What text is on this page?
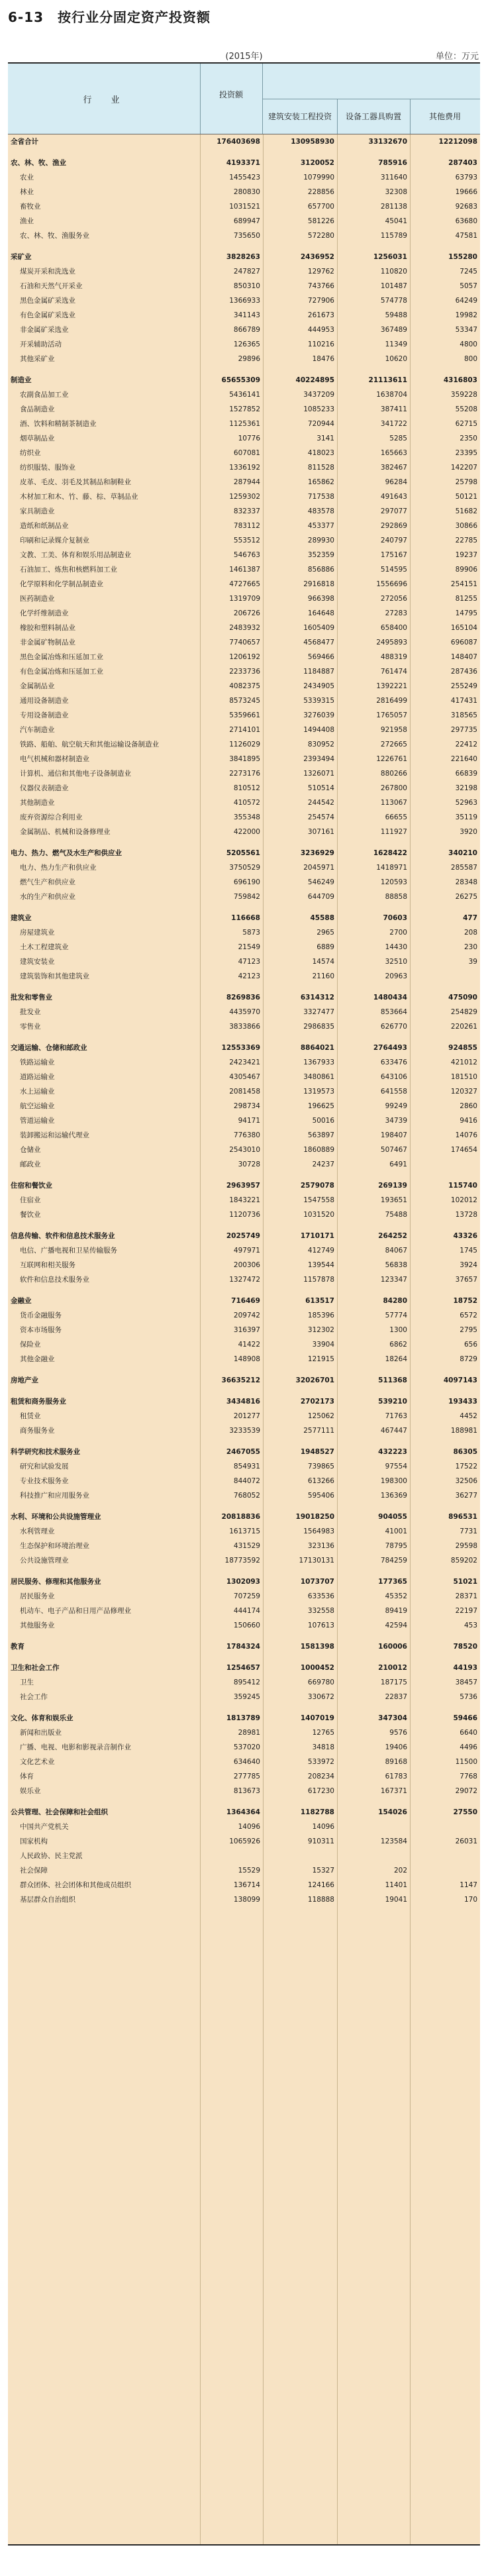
6-13　按行业分固定资产投资额
(2015年)	单位：万元
行　业
投资额
建筑安装工程投资	设备工器具购置	其他费用
全省合计	176403698	130958930	33132670	12212098
农、林、牧、渔业	4193371	3120052	785916	287403
农业	1455423	1079990	311640	63793
林业	280830	228856	32308	19666
畜牧业	1031521	657700	281138	92683
渔业	689947	581226	45041	63680
农、林、牧、渔服务业	735650	572280	115789	47581
采矿业	3828263	2436952	1256031	155280
煤炭开采和洗选业	247827	129762	110820	7245
石油和天然气开采业	850310	743766	101487	5057
黑色金属矿采选业	1366933	727906	574778	64249
有色金属矿采选业	341143	261673	59488	19982
非金属矿采选业	866789	444953	367489	53347
开采辅助活动	126365	110216	11349	4800
其他采矿业	29896	18476	10620	800
制造业	65655309	40224895	21113611	4316803
农副食品加工业	5436141	3437209	1638704	359228
食品制造业	1527852	1085233	387411	55208
酒、饮料和精制茶制造业	1125361	720944	341722	62715
烟草制品业	10776	3141	5285	2350
纺织业	607081	418023	165663	23395
纺织服装、服饰业	1336192	811528	382467	142207
皮革、毛皮、羽毛及其制品和制鞋业	287944	165862	96284	25798
木材加工和木、竹、藤、棕、草制品业	1259302	717538	491643	50121
家具制造业	832337	483578	297077	51682
造纸和纸制品业	783112	453377	292869	30866
印刷和记录媒介复制业	553512	289930	240797	22785
文教、工美、体育和娱乐用品制造业	546763	352359	175167	19237
石油加工、炼焦和核燃料加工业	1461387	856886	514595	89906
化学原料和化学制品制造业	4727665	2916818	1556696	254151
医药制造业	1319709	966398	272056	81255
化学纤维制造业	206726	164648	27283	14795
橡胶和塑料制品业	2483932	1605409	658400	165104
非金属矿物制品业	7740657	4568477	2495893	696087
黑色金属冶炼和压延加工业	1206192	569466	488319	148407
有色金属冶炼和压延加工业	2233736	1184887	761474	287436
金属制品业	4082375	2434905	1392221	255249
通用设备制造业	8573245	5339315	2816499	417431
专用设备制造业	5359661	3276039	1765057	318565
汽车制造业	2714101	1494408	921958	297735
铁路、船舶、航空航天和其他运输设备制造业	1126029	830952	272665	22412
电气机械和器材制造业	3841895	2393494	1226761	221640
计算机、通信和其他电子设备制造业	2273176	1326071	880266	66839
仪器仪表制造业	810512	510514	267800	32198
其他制造业	410572	244542	113067	52963
废弃资源综合利用业	355348	254574	66655	35119
金属制品、机械和设备修理业	422000	307161	111927	3920
电力、热力、燃气及水生产和供应业	5205561	3236929	1628422	340210
电力、热力生产和供应业	3750529	2045971	1418971	285587
燃气生产和供应业	696190	546249	120593	28348
水的生产和供应业	759842	644709	88858	26275
建筑业	116668	45588	70603	477
房屋建筑业	5873	2965	2700	208
土木工程建筑业	21549	6889	14430	230
建筑安装业	47123	14574	32510	39
建筑装饰和其他建筑业	42123	21160	20963
批发和零售业	8269836	6314312	1480434	475090
批发业	4435970	3327477	853664	254829
零售业	3833866	2986835	626770	220261
交通运输、仓储和邮政业	12553369	8864021	2764493	924855
铁路运输业	2423421	1367933	633476	421012
道路运输业	4305467	3480861	643106	181510
水上运输业	2081458	1319573	641558	120327
航空运输业	298734	196625	99249	2860
管道运输业	94171	50016	34739	9416
装卸搬运和运输代理业	776380	563897	198407	14076
仓储业	2543010	1860889	507467	174654
邮政业	30728	24237	6491
住宿和餐饮业	2963957	2579078	269139	115740
住宿业	1843221	1547558	193651	102012
餐饮业	1120736	1031520	75488	13728
信息传输、软件和信息技术服务业	2025749	1710171	264252	43326
电信、广播电视和卫星传输服务	497971	412749	84067	1745
互联网和相关服务	200306	139544	56838	3924
软件和信息技术服务业	1327472	1157878	123347	37657
金融业	716469	613517	84280	18752
货币金融服务	209742	185396	57774	6572
资本市场服务	316397	312302	1300	2795
保险业	41422	33904	6862	656
其他金融业	148908	121915	18264	8729
房地产业	36635212	32026701	511368	4097143
租赁和商务服务业	3434816	2702173	539210	193433
租赁业	201277	125062	71763	4452
商务服务业	3233539	2577111	467447	188981
科学研究和技术服务业	2467055	1948527	432223	86305
研究和试验发展	854931	739865	97554	17522
专业技术服务业	844072	613266	198300	32506
科技推广和应用服务业	768052	595406	136369	36277
水利、环境和公共设施管理业	20818836	19018250	904055	896531
水利管理业	1613715	1564983	41001	7731
生态保护和环境治理业	431529	323136	78795	29598
公共设施管理业	18773592	17130131	784259	859202
居民服务、修理和其他服务业	1302093	1073707	177365	51021
居民服务业	707259	633536	45352	28371
机动车、电子产品和日用产品修理业	444174	332558	89419	22197
其他服务业	150660	107613	42594	453
教育	1784324	1581398	160006	78520
卫生和社会工作	1254657	1000452	210012	44193
卫生	895412	669780	187175	38457
社会工作	359245	330672	22837	5736
文化、体育和娱乐业	1813789	1407019	347304	59466
新闻和出版业	28981	12765	9576	6640
广播、电视、电影和影视录音制作业	537020	34818	19406	4496
文化艺术业	634640	533972	89168	11500
体育	277785	208234	61783	7768
娱乐业	813673	617230	167371	29072
公共管理、社会保障和社会组织	1364364	1182788	154026	27550
中国共产党机关	14096	14096
国家机构	1065926	910311	123584	26031
人民政协、民主党派
社会保障	15529	15327	202
群众团体、社会团体和其他成员组织	136714	124166	11401	1147
基层群众自治组织	138099	118888	19041	170
